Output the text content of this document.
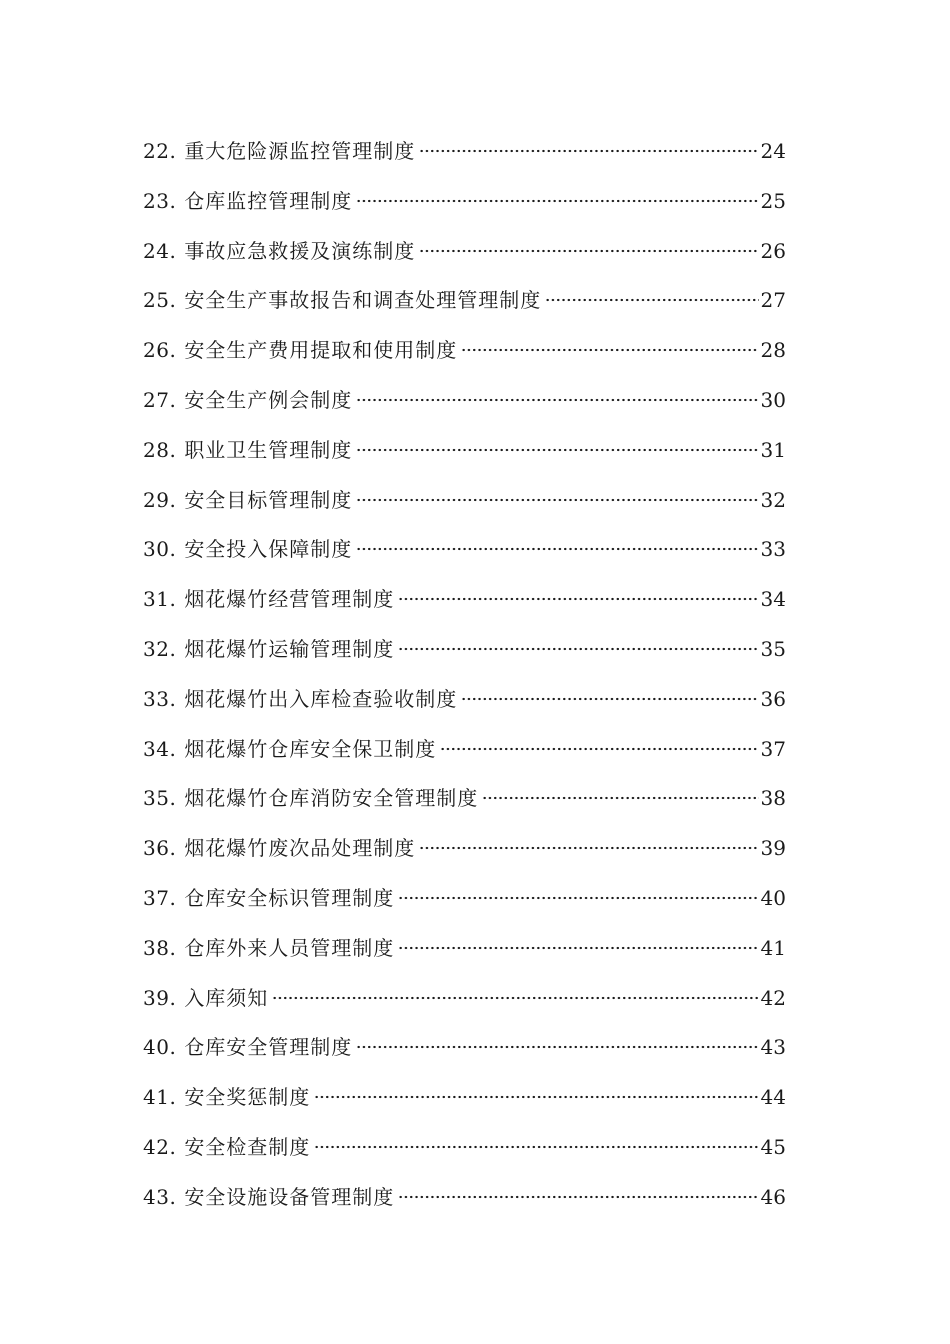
22. 重大危险源监控管理制度	24
23. 仓库监控管理制度	25
24. 事故应急救援及演练制度	26
25. 安全生产事故报告和调查处理管理制度	27
26. 安全生产费用提取和使用制度	28
27. 安全生产例会制度	30
28. 职业卫生管理制度	31
29. 安全目标管理制度	32
30. 安全投入保障制度	33
31. 烟花爆竹经营管理制度	34
32. 烟花爆竹运输管理制度	35
33. 烟花爆竹出入库检查验收制度	36
34. 烟花爆竹仓库安全保卫制度	37
35. 烟花爆竹仓库消防安全管理制度	38
36. 烟花爆竹废次品处理制度	39
37. 仓库安全标识管理制度	40
38. 仓库外来人员管理制度	41
39. 入库须知	42
40. 仓库安全管理制度	43
41. 安全奖惩制度	44
42. 安全检查制度	45
43. 安全设施设备管理制度	46
